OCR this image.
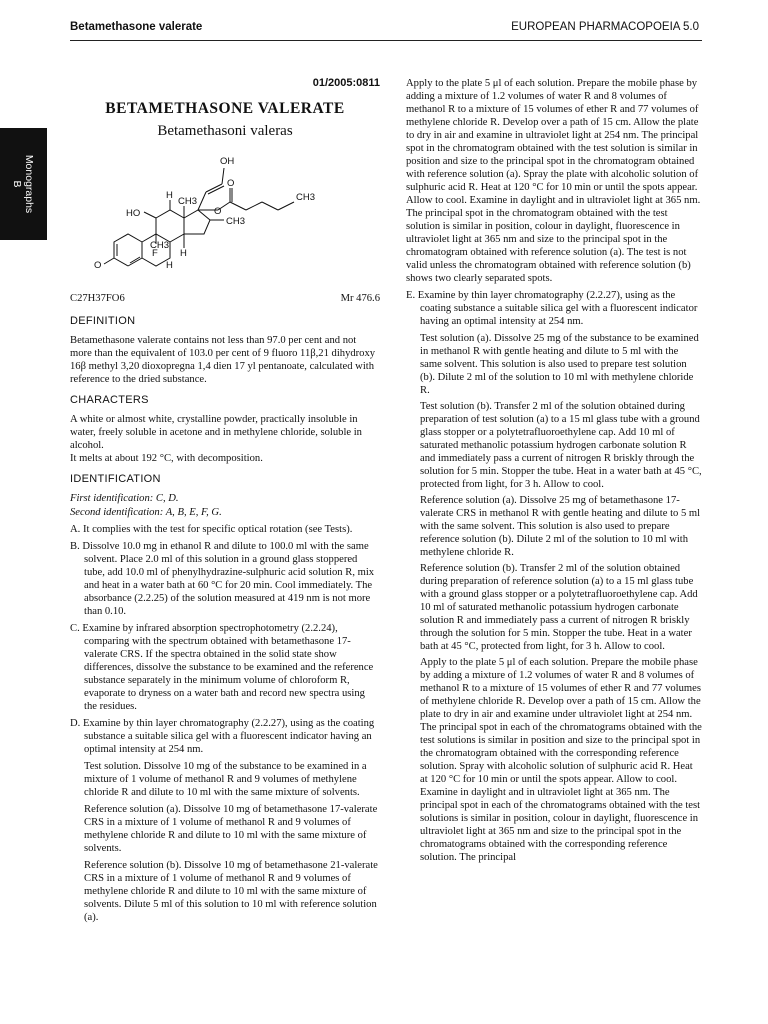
Betamethasone valerate	EUROPEAN PHARMACOPOEIA 5.0
Monographs
B

01/2005:0811

BETAMETHASONE VALERATE

Betamethasoni valeras

OH
O
HO
H
CH3
CH3
CH3
H
H
F
O
O
CH3

C27H37FO6	Mr 476.6

DEFINITION

Betamethasone valerate contains not less than 97.0 per cent and not more than the equivalent of 103.0 per cent of 9 fluoro 11β,21 dihydroxy 16β methyl 3,20 dioxopregna 1,4 dien 17 yl pentanoate, calculated with reference to the dried substance.

CHARACTERS

A white or almost white, crystalline powder, practically insoluble in water, freely soluble in acetone and in methylene chloride, soluble in alcohol.

It melts at about 192 °C, with decomposition.

IDENTIFICATION

First identification: C, D.

Second identification: A, B, E, F, G.

A. It complies with the test for specific optical rotation (see Tests).

B. Dissolve 10.0 mg in ethanol R and dilute to 100.0 ml with the same solvent. Place 2.0 ml of this solution in a ground glass stoppered tube, add 10.0 ml of phenylhydrazine-sulphuric acid solution R, mix and heat in a water bath at 60 °C for 20 min. Cool immediately. The absorbance (2.2.25) of the solution measured at 419 nm is not more than 0.10.

C. Examine by infrared absorption spectrophotometry (2.2.24), comparing with the spectrum obtained with betamethasone 17-valerate CRS. If the spectra obtained in the solid state show differences, dissolve the substance to be examined and the reference substance separately in the minimum volume of chloroform R, evaporate to dryness on a water bath and record new spectra using the residues.

D. Examine by thin layer chromatography (2.2.27), using as the coating substance a suitable silica gel with a fluorescent indicator having an optimal intensity at 254 nm.

Test solution. Dissolve 10 mg of the substance to be examined in a mixture of 1 volume of methanol R and 9 volumes of methylene chloride R and dilute to 10 ml with the same mixture of solvents.

Reference solution (a). Dissolve 10 mg of betamethasone 17-valerate CRS in a mixture of 1 volume of methanol R and 9 volumes of methylene chloride R and dilute to 10 ml with the same mixture of solvents.

Reference solution (b). Dissolve 10 mg of betamethasone 21-valerate CRS in a mixture of 1 volume of methanol R and 9 volumes of methylene chloride R and dilute to 10 ml with the same mixture of solvents. Dilute 5 ml of this solution to 10 ml with reference solution (a).

Apply to the plate 5 μl of each solution. Prepare the mobile phase by adding a mixture of 1.2 volumes of water R and 8 volumes of methanol R to a mixture of 15 volumes of ether R and 77 volumes of methylene chloride R. Develop over a path of 15 cm. Allow the plate to dry in air and examine in ultraviolet light at 254 nm. The principal spot in the chromatogram obtained with the test solution is similar in position and size to the principal spot in the chromatogram obtained with reference solution (a). Spray the plate with alcoholic solution of sulphuric acid R. Heat at 120 °C for 10 min or until the spots appear. Allow to cool. Examine in daylight and in ultraviolet light at 365 nm. The principal spot in the chromatogram obtained with the test solution is similar in position, colour in daylight, fluorescence in ultraviolet light at 365 nm and size to the principal spot in the chromatogram obtained with reference solution (a). The test is not valid unless the chromatogram obtained with reference solution (b) shows two clearly separated spots.

E. Examine by thin layer chromatography (2.2.27), using as the coating substance a suitable silica gel with a fluorescent indicator having an optimal intensity at 254 nm.

Test solution (a). Dissolve 25 mg of the substance to be examined in methanol R with gentle heating and dilute to 5 ml with the same solvent. This solution is also used to prepare test solution (b). Dilute 2 ml of the solution to 10 ml with methylene chloride R.

Test solution (b). Transfer 2 ml of the solution obtained during preparation of test solution (a) to a 15 ml glass tube with a ground glass stopper or a polytetrafluoroethylene cap. Add 10 ml of saturated methanolic potassium hydrogen carbonate solution R and immediately pass a current of nitrogen R briskly through the solution for 5 min. Stopper the tube. Heat in a water bath at 45 °C, protected from light, for 3 h. Allow to cool.

Reference solution (a). Dissolve 25 mg of betamethasone 17-valerate CRS in methanol R with gentle heating and dilute to 5 ml with the same solvent. This solution is also used to prepare reference solution (b). Dilute 2 ml of the solution to 10 ml with methylene chloride R.

Reference solution (b). Transfer 2 ml of the solution obtained during preparation of reference solution (a) to a 15 ml glass tube with a ground glass stopper or a polytetrafluoroethylene cap. Add 10 ml of saturated methanolic potassium hydrogen carbonate solution R and immediately pass a current of nitrogen R briskly through the solution for 5 min. Stopper the tube. Heat in a water bath at 45 °C, protected from light, for 3 h. Allow to cool.

Apply to the plate 5 μl of each solution. Prepare the mobile phase by adding a mixture of 1.2 volumes of water R and 8 volumes of methanol R to a mixture of 15 volumes of ether R and 77 volumes of methylene chloride R. Develop over a path of 15 cm. Allow the plate to dry in air and examine under ultraviolet light at 254 nm. The principal spot in each of the chromatograms obtained with the test solutions is similar in position and size to the principal spot in the chromatogram obtained with the corresponding reference solution. Spray with alcoholic solution of sulphuric acid R. Heat at 120 °C for 10 min or until the spots appear. Allow to cool. Examine in daylight and in ultraviolet light at 365 nm. The principal spot in each of the chromatograms obtained with the test solutions is similar in position, colour in daylight, fluorescence in ultraviolet light at 365 nm and size to the principal spot in the chromatograms obtained with the corresponding reference solution. The principal
